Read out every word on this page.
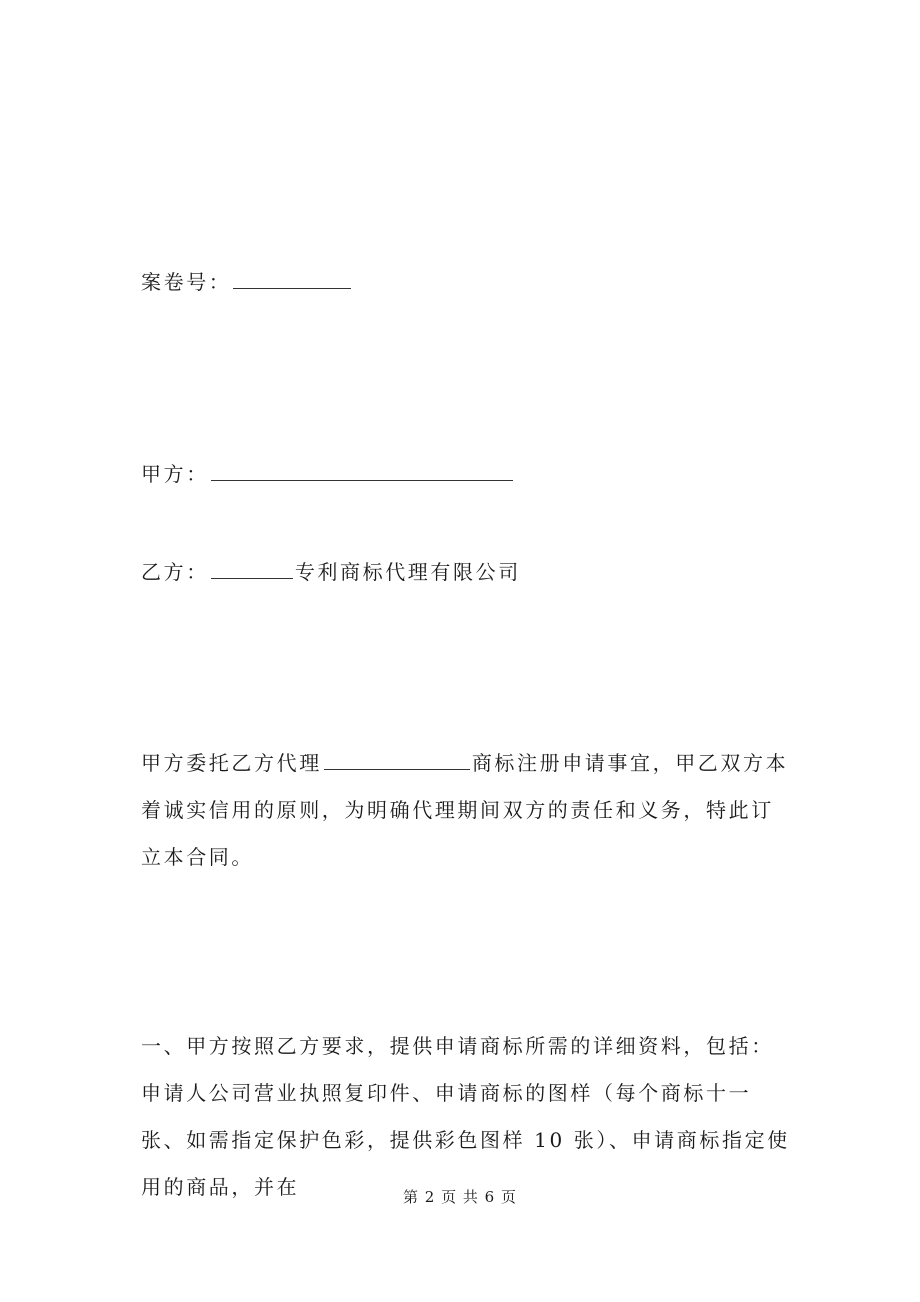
案卷号：
甲方：
乙方：	专利商标代理有限公司
甲方委托乙方代理	商标注册申请事宜，甲乙双方本着诚实信用的原则，为明确代理期间双方的责任和义务，特此订立本合同。
一、甲方按照乙方要求，提供申请商标所需的详细资料，包括：申请人公司营业执照复印件、申请商标的图样（每个商标十一张、如需指定保护色彩，提供彩色图样 10 张）、申请商标指定使用的商品，并在	第 2 页 共 6 页
